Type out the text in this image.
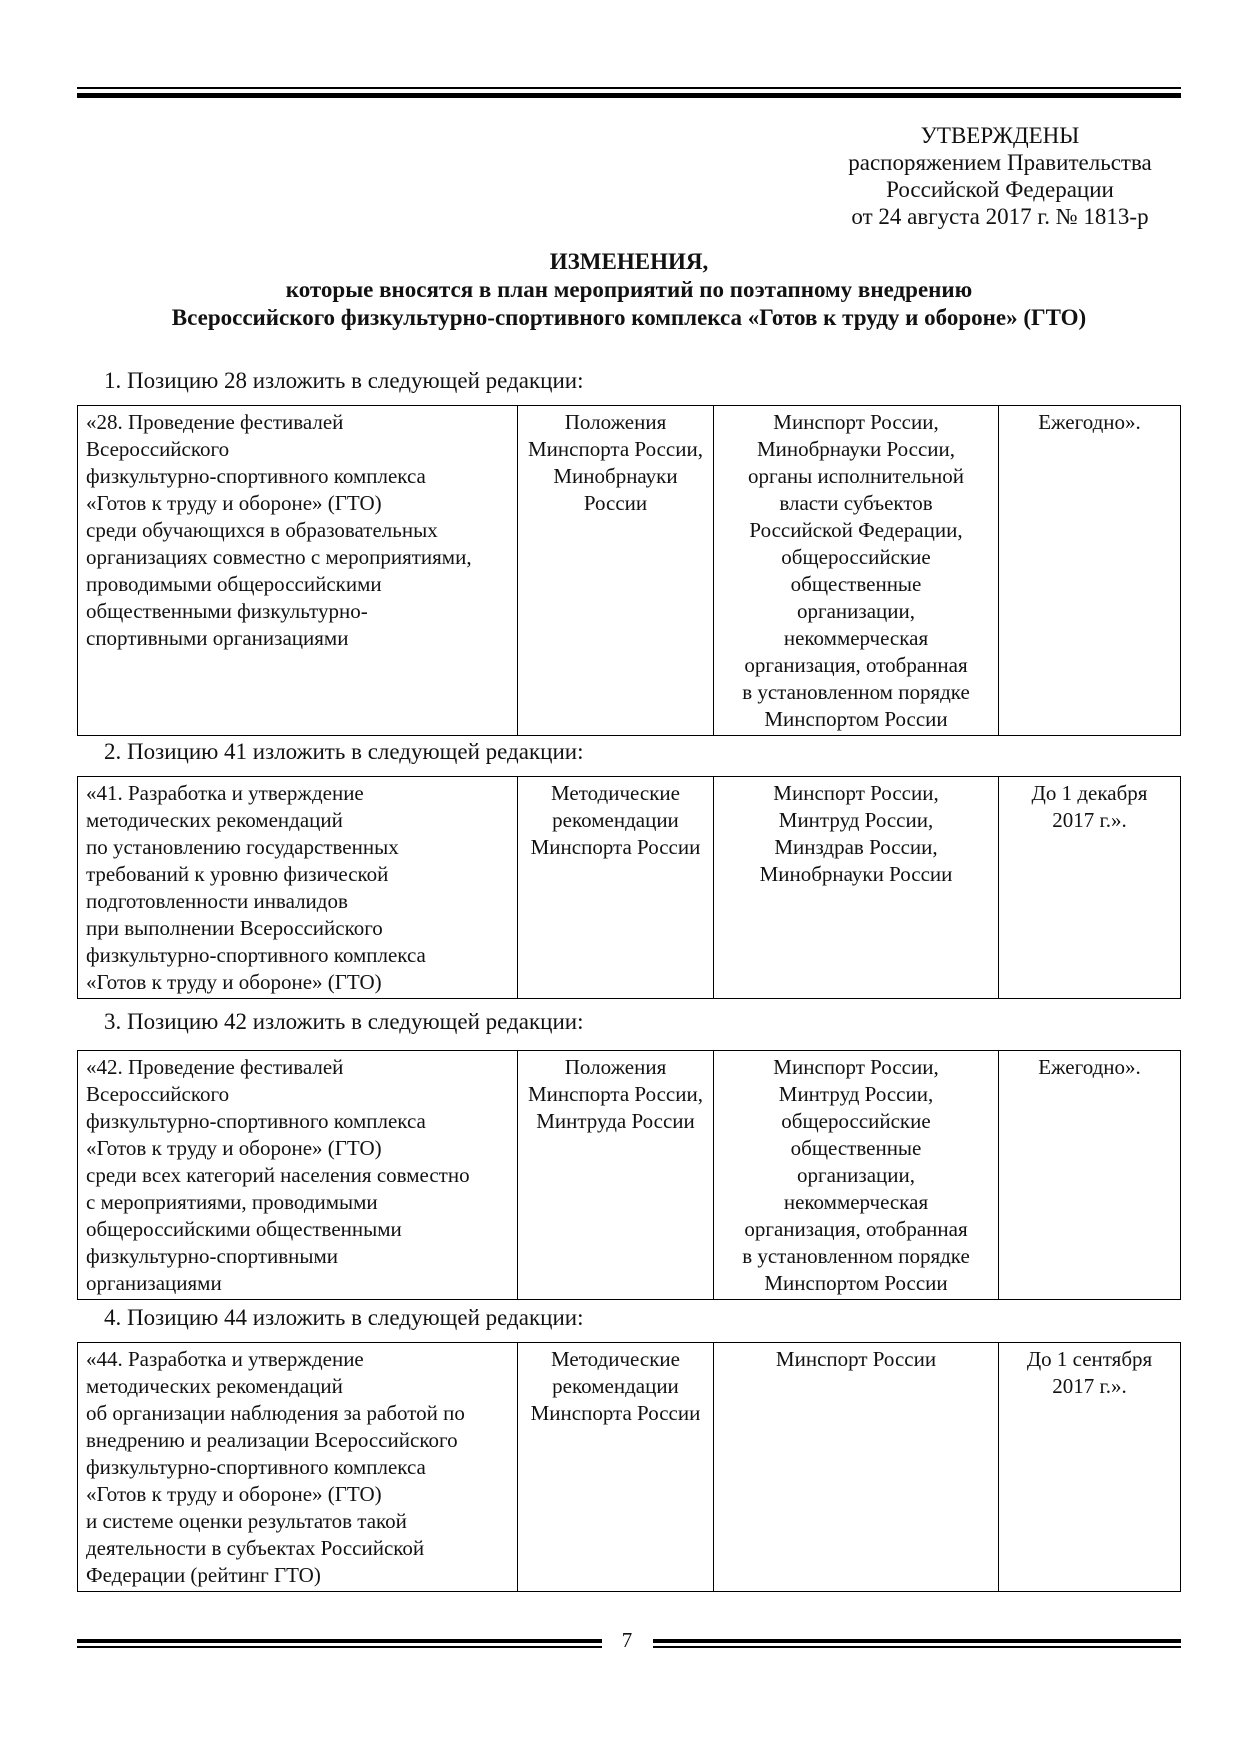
УТВЕРЖДЕНЫ
распоряжением Правительства
Российской Федерации
от 24 августа 2017 г. № 1813-р
ИЗМЕНЕНИЯ,
которые вносятся в план мероприятий по поэтапному внедрению
Всероссийского физкультурно-спортивного комплекса «Готов к труду и обороне» (ГТО)
1. Позицию 28 изложить в следующей редакции:
«28. Проведение фестивалей
Всероссийского
физкультурно-спортивного комплекса
«Готов к труду и обороне» (ГТО)
среди обучающихся в образовательных
организациях совместно с мероприятиями,
проводимыми общероссийскими
общественными физкультурно-
спортивными организациями

Положения
Минспорта России,
Минобрнауки
России

Минспорт России,
Минобрнауки России,
органы исполнительной
власти субъектов
Российской Федерации,
общероссийские
общественные
организации,
некоммерческая
организация, отобранная
в установленном порядке
Минспортом России

Ежегодно».
2. Позицию 41 изложить в следующей редакции:
«41. Разработка и утверждение
методических рекомендаций
по установлению государственных
требований к уровню физической
подготовленности инвалидов
при выполнении Всероссийского
физкультурно-спортивного комплекса
«Готов к труду и обороне» (ГТО)

Методические
рекомендации
Минспорта России

Минспорт России,
Минтруд России,
Минздрав России,
Минобрнауки России

До 1 декабря
2017 г.».
3. Позицию 42 изложить в следующей редакции:
«42. Проведение фестивалей
Всероссийского
физкультурно-спортивного комплекса
«Готов к труду и обороне» (ГТО)
среди всех категорий населения совместно
с мероприятиями, проводимыми
общероссийскими общественными
физкультурно-спортивными
организациями

Положения
Минспорта России,
Минтруда России

Минспорт России,
Минтруд России,
общероссийские
общественные
организации,
некоммерческая
организация, отобранная
в установленном порядке
Минспортом России

Ежегодно».
4. Позицию 44 изложить в следующей редакции:
«44. Разработка и утверждение
методических рекомендаций
об организации наблюдения за работой по
внедрению и реализации Всероссийского
физкультурно-спортивного комплекса
«Готов к труду и обороне» (ГТО)
и системе оценки результатов такой
деятельности в субъектах Российской
Федерации (рейтинг ГТО)

Методические
рекомендации
Минспорта России

Минспорт России	До 1 сентября
2017 г.».
7
